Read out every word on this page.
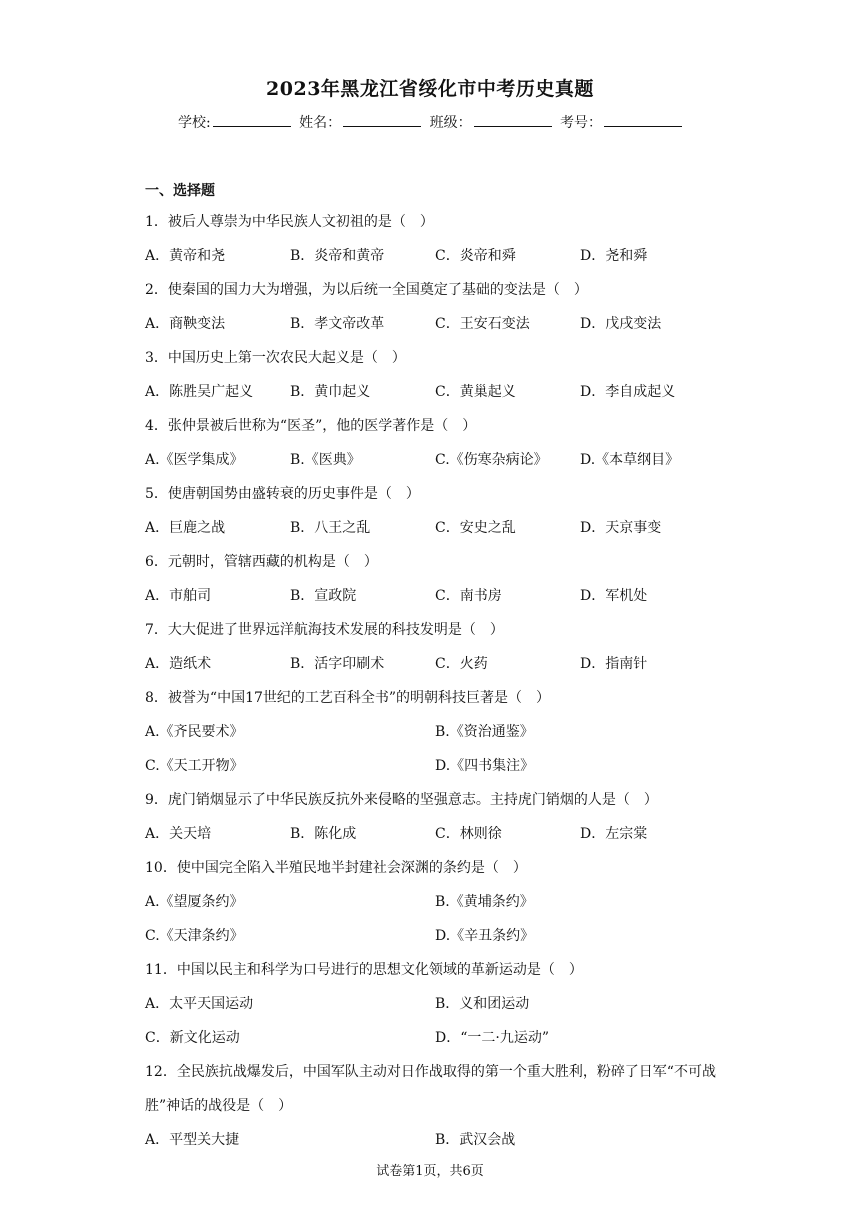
2023年黑龙江省绥化市中考历史真题
学校:	姓名：	班级：	考号：
一、选择题
1．被后人尊崇为中华民族人文初祖的是（　）
A．黄帝和尧	B．炎帝和黄帝	C．炎帝和舜	D．尧和舜
2．使秦国的国力大为增强，为以后统一全国奠定了基础的变法是（　）
A．商鞅变法	B．孝文帝改革	C．王安石变法	D．戊戌变法
3．中国历史上第一次农民大起义是（　）
A．陈胜吴广起义	B．黄巾起义	C．黄巢起义	D．李自成起义
4．张仲景被后世称为“医圣”，他的医学著作是（　）
A.《医学集成》	B.《医典》	C.《伤寒杂病论》	D.《本草纲目》
5．使唐朝国势由盛转衰的历史事件是（　）
A．巨鹿之战	B．八王之乱	C．安史之乱	D．天京事变
6．元朝时，管辖西藏的机构是（　）
A．市舶司	B．宣政院	C．南书房	D．军机处
7．大大促进了世界远洋航海技术发展的科技发明是（　）
A．造纸术	B．活字印刷术	C．火药	D．指南针
8．被誉为“中国17世纪的工艺百科全书”的明朝科技巨著是（　）
A.《齐民要术》	B.《资治通鉴》
C.《天工开物》	D.《四书集注》
9．虎门销烟显示了中华民族反抗外来侵略的坚强意志。主持虎门销烟的人是（　）
A．关天培	B．陈化成	C．林则徐	D．左宗棠
10．使中国完全陷入半殖民地半封建社会深渊的条约是（　）
A.《望厦条约》	B.《黄埔条约》
C.《天津条约》	D.《辛丑条约》
11．中国以民主和科学为口号进行的思想文化领域的革新运动是（　）
A．太平天国运动	B．义和团运动
C．新文化运动	D．“一二·九运动”
12．全民族抗战爆发后，中国军队主动对日作战取得的第一个重大胜利，粉碎了日军“不可战胜”神话的战役是（　）
A．平型关大捷	B．武汉会战
试卷第1页，共6页
